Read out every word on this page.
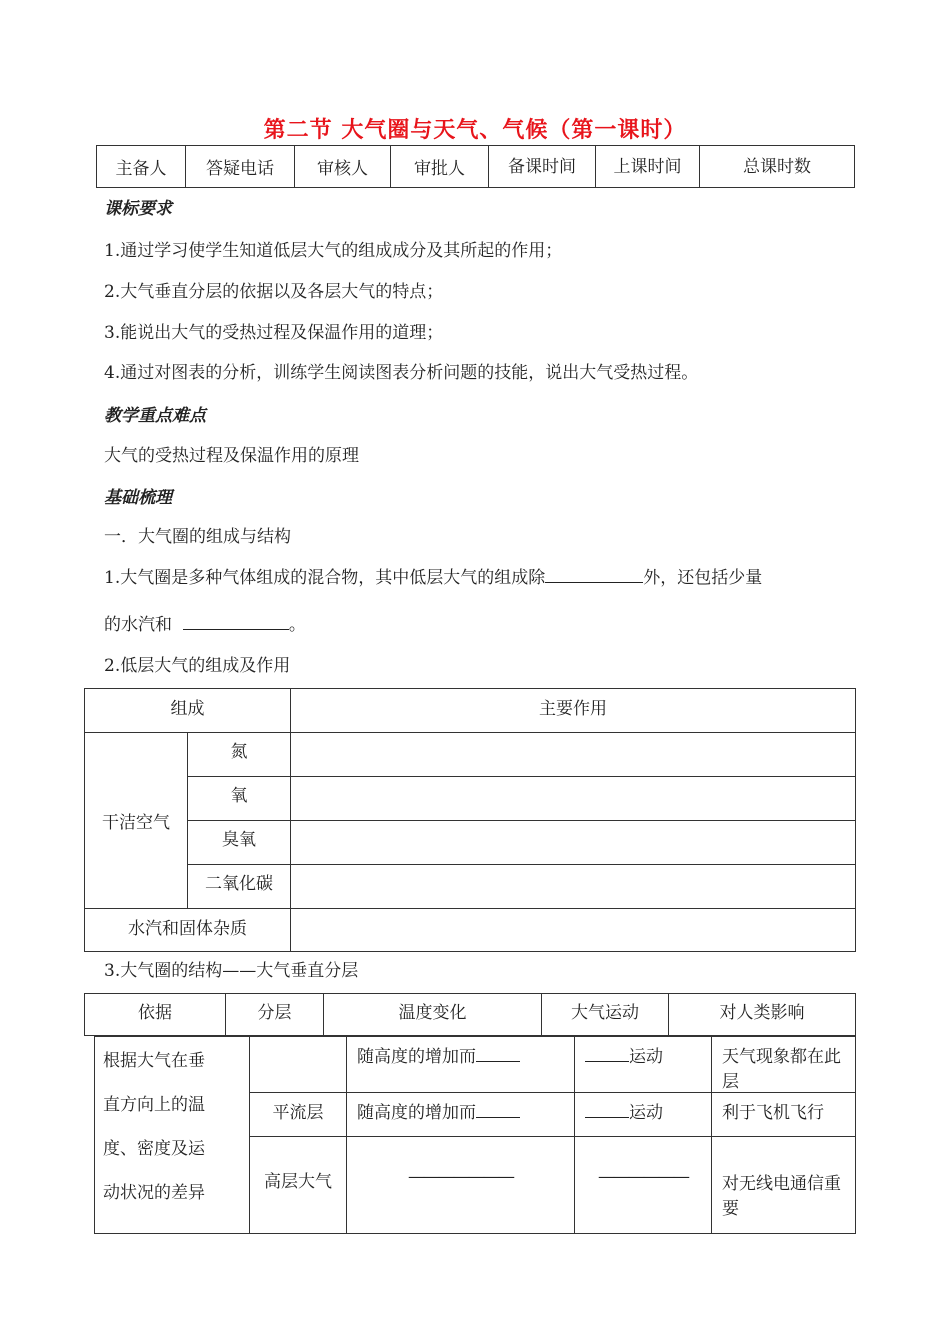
第二节 大气圈与天气、气候（第一课时）
主备人	答疑电话	审核人	审批人	备课时间	上课时间	总课时数
课标要求
1.通过学习使学生知道低层大气的组成成分及其所起的作用；
2.大气垂直分层的依据以及各层大气的特点；
3.能说出大气的受热过程及保温作用的道理；
4.通过对图表的分析，训练学生阅读图表分析问题的技能，说出大气受热过程。
教学重点难点
大气的受热过程及保温作用的原理
基础梳理
一．大气圈的组成与结构
1.大气圈是多种气体组成的混合物，其中低层大气的组成除	外，还包括少量
的水汽和	。
2.低层大气的组成及作用
组成		主要作用
干洁空气	氮	
	氧	
	臭氧	
	二氧化碳	
水汽和固体杂质		
3.大气圈的结构——大气垂直分层
依据	分层	温度变化	大气运动	对人类影响
根据大气在垂
直方向上的温
度、密度及运
动状况的差异		随高度的增加而	运动	天气现象都在此层
	平流层	随高度的增加而	运动	利于飞机飞行
	高层大气	———————	——————	对无线电通信重要
